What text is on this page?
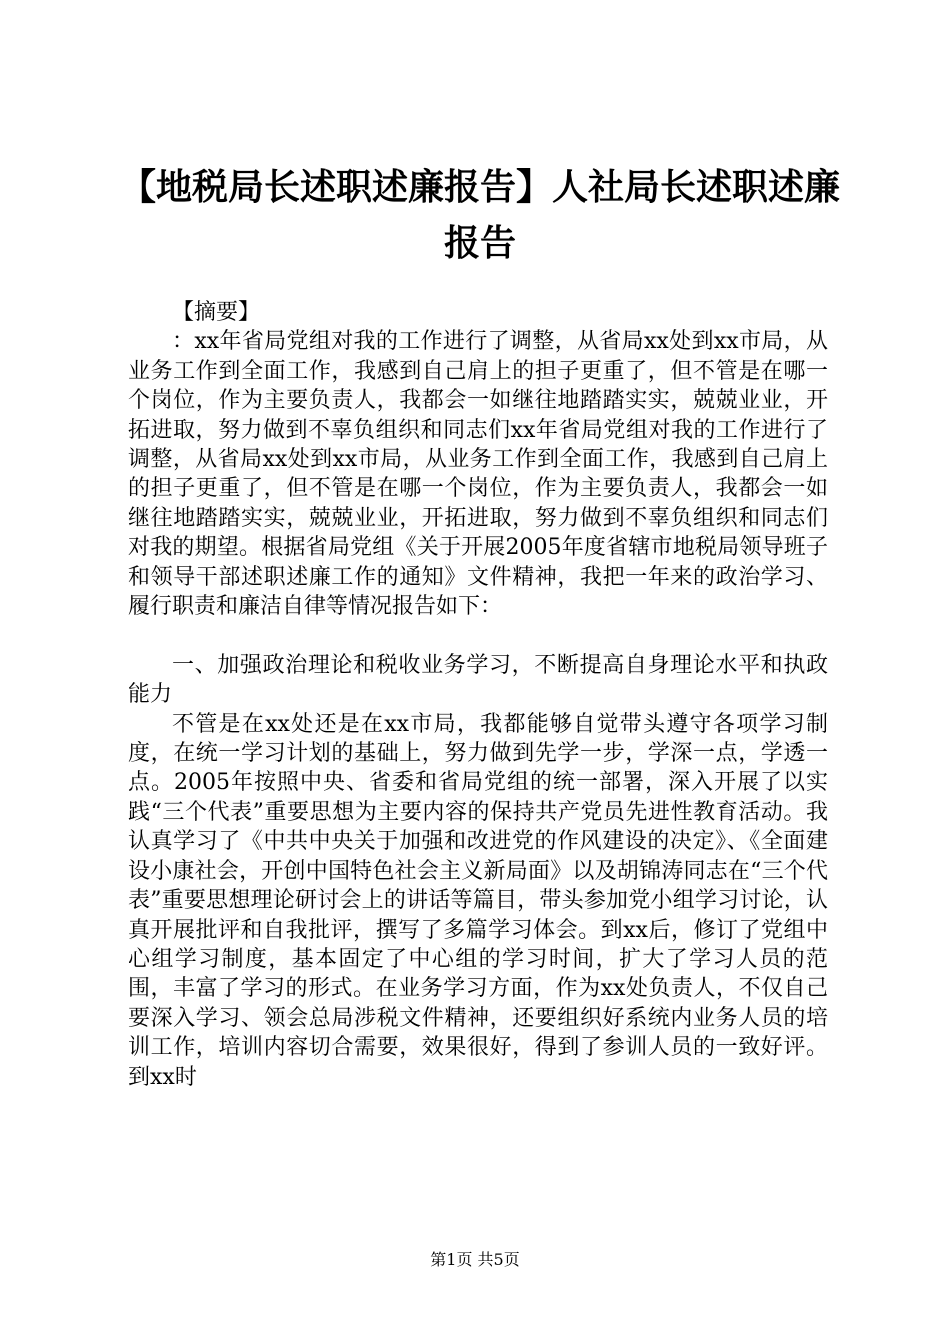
【地税局长述职述廉报告】人社局长述职述廉报告

【摘要】

：xx年省局党组对我的工作进行了调整，从省局xx处到xx市局，从业务工作到全面工作，我感到自己肩上的担子更重了，但不管是在哪一个岗位，作为主要负责人，我都会一如继往地踏踏实实，兢兢业业，开拓进取，努力做到不辜负组织和同志们xx年省局党组对我的工作进行了调整，从省局xx处到xx市局，从业务工作到全面工作，我感到自己肩上的担子更重了，但不管是在哪一个岗位，作为主要负责人，我都会一如继往地踏踏实实，兢兢业业，开拓进取，努力做到不辜负组织和同志们对我的期望。根据省局党组《关于开展2005年度省辖市地税局领导班子和领导干部述职述廉工作的通知》文件精神，我把一年来的政治学习、履行职责和廉洁自律等情况报告如下：

一、加强政治理论和税收业务学习，不断提高自身理论水平和执政能力

不管是在xx处还是在xx市局，我都能够自觉带头遵守各项学习制度，在统一学习计划的基础上，努力做到先学一步，学深一点，学透一点。2005年按照中央、省委和省局党组的统一部署，深入开展了以实践“三个代表”重要思想为主要内容的保持共产党员先进性教育活动。我认真学习了《中共中央关于加强和改进党的作风建设的决定》、《全面建设小康社会，开创中国特色社会主义新局面》以及胡锦涛同志在“三个代表”重要思想理论研讨会上的讲话等篇目，带头参加党小组学习讨论，认真开展批评和自我批评，撰写了多篇学习体会。到xx后，修订了党组中心组学习制度，基本固定了中心组的学习时间，扩大了学习人员的范围，丰富了学习的形式。在业务学习方面，作为xx处负责人，不仅自己要深入学习、领会总局涉税文件精神，还要组织好系统内业务人员的培训工作，培训内容切合需要，效果很好，得到了参训人员的一致好评。到xx时

第1页 共5页
